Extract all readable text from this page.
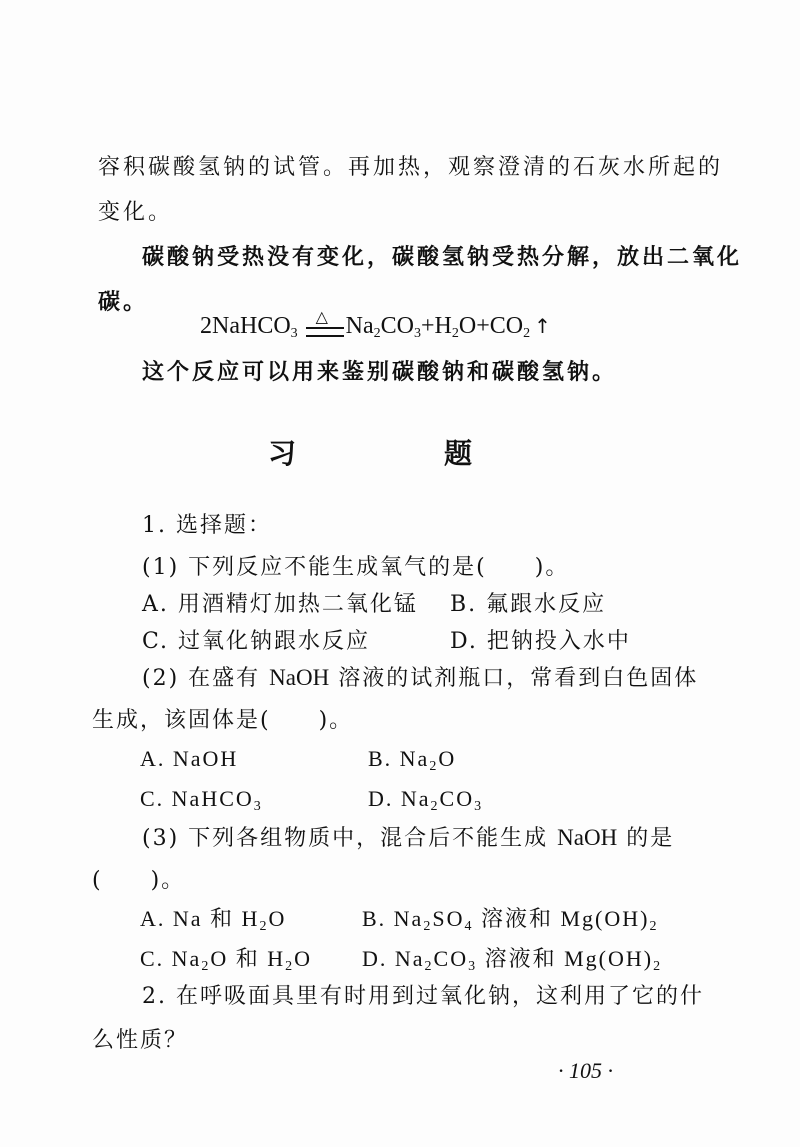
容积碳酸氢钠的试管。再加热，观察澄清的石灰水所起的
变化。
碳酸钠受热没有变化，碳酸氢钠受热分解，放出二氧化
碳。
2NaHCO$_3$
△ $Na_2CO_3+H_2O+CO_2$ ↑
这个反应可以用来鉴别碳酸钠和碳酸氢钠。
习　题
1. 选择题：
(1) 下列反应不能生成氧气的是(　　)。
A. 用酒精灯加热二氧化锰 B. 氟跟水反应
C. 过氧化钠跟水反应	D. 把钠投入水中
(2) 在盛有 NaOH 溶液的试剂瓶口，常看到白色固体
生成，该固体是(　　)。
A. NaOH	B. $Na_2O$
C. NaHCO$_3$	D. $Na_2CO_3$
(3) 下列各组物质中，混合后不能生成 NaOH 的是
(　　)。
A. Na 和 $H_2O$	B. $Na_2SO_4$ 溶液和 $Mg(OH)_2$
C. $Na_2O$ 和 $H_2O$ D. $Na_2CO_3$ 溶液和 $Mg(OH)_2$
2. 在呼吸面具里有时用到过氧化钠，这利用了它的什
么性质？
· 105 ·
